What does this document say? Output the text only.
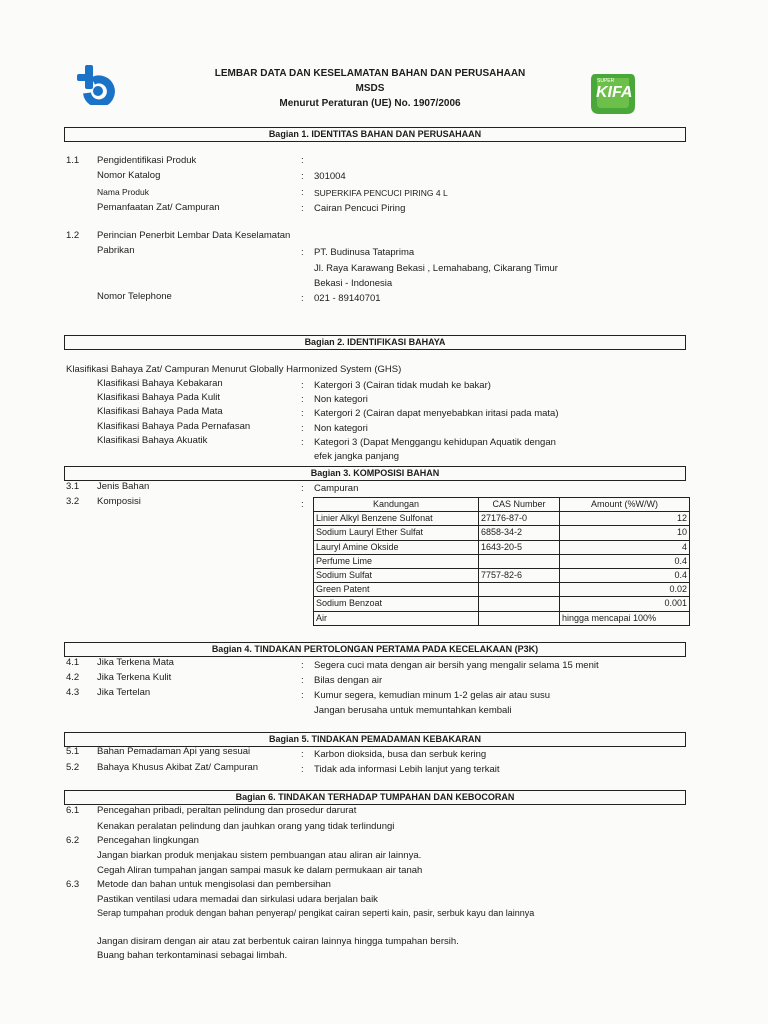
SUPER
KIFA
LEMBAR DATA DAN KESELAMATAN BAHAN DAN PERUSAHAAN
MSDS
Menurut Peraturan (UE) No. 1907/2006
Bagian 1. IDENTITAS BAHAN DAN PERUSAHAAN
1.1 Pengidentifikasi Produk	:
Nomor Katalog	: 301004
Nama Produk	: SUPERKIFA PENCUCI PIRING 4 L
Pemanfaatan Zat/ Campuran	: Cairan Pencuci Piring
1.2 Perincian Penerbit Lembar Data Keselamatan
Pabrikan	: PT. Budinusa Tataprima
Jl. Raya Karawang Bekasi , Lemahabang, Cikarang Timur
Bekasi - Indonesia
Nomor Telephone	: 021 - 89140701
Bagian 2. IDENTIFIKASI BAHAYA
Klasifikasi Bahaya Zat/ Campuran Menurut Globally Harmonized System (GHS)
Klasifikasi Bahaya Kebakaran	: Katergori 3 (Cairan tidak mudah ke bakar)
Klasifikasi Bahaya Pada Kulit	: Non kategori
Klasifikasi Bahaya Pada Mata	: Katergori 2 (Cairan dapat menyebabkan iritasi pada mata)
Klasifikasi Bahaya Pada Pernafasan	: Non kategori
Klasifikasi Bahaya Akuatik	: Kategori 3 (Dapat Menggangu kehidupan Aquatik dengan
efek jangka panjang
Bagian 3. KOMPOSISI BAHAN
3.1 Jenis Bahan	: Campuran
3.2 Komposisi	:	Kandungan	CAS Number	Amount (%W/W)
Linier Alkyl Benzene Sulfonat	27176-87-0	12
Sodium Lauryl Ether Sulfat	6858-34-2	10
Lauryl Amine Okside	1643-20-5	4
Perfume Lime		0.4
Sodium Sulfat	7757-82-6	0.4
Green Patent		0.02
Sodium Benzoat		0.001
Air		hingga mencapai 100%
Bagian 4. TINDAKAN PERTOLONGAN PERTAMA PADA KECELAKAAN (P3K)
4.1 Jika Terkena Mata	: Segera cuci mata dengan air bersih yang mengalir selama 15 menit
4.2 Jika Terkena Kulit	: Bilas dengan air
4.3 Jika Tertelan	: Kumur segera, kemudian minum 1-2 gelas air atau susu
Jangan berusaha untuk memuntahkan kembali
Bagian 5. TINDAKAN PEMADAMAN KEBAKARAN
5.1 Bahan Pemadaman Api yang sesuai	: Karbon dioksida, busa dan serbuk kering
5.2 Bahaya Khusus Akibat Zat/ Campuran	: Tidak ada informasi Lebih lanjut yang terkait
Bagian 6. TINDAKAN TERHADAP TUMPAHAN DAN KEBOCORAN
6.1 Pencegahan pribadi, peraltan pelindung dan prosedur darurat
Kenakan peralatan pelindung dan jauhkan orang yang tidak terlindungi
6.2 Pencegahan lingkungan
Jangan biarkan produk menjakau sistem pembuangan atau aliran air lainnya.
Cegah Aliran tumpahan jangan sampai masuk ke dalam permukaan air tanah
6.3 Metode dan bahan untuk mengisolasi dan pembersihan
Pastikan ventilasi udara memadai dan sirkulasi udara berjalan baik
Serap tumpahan produk dengan bahan penyerap/ pengikat cairan seperti kain, pasir, serbuk kayu dan lainnya
Jangan disiram dengan air atau zat berbentuk cairan lainnya hingga tumpahan bersih.
Buang bahan terkontaminasi sebagai limbah.
